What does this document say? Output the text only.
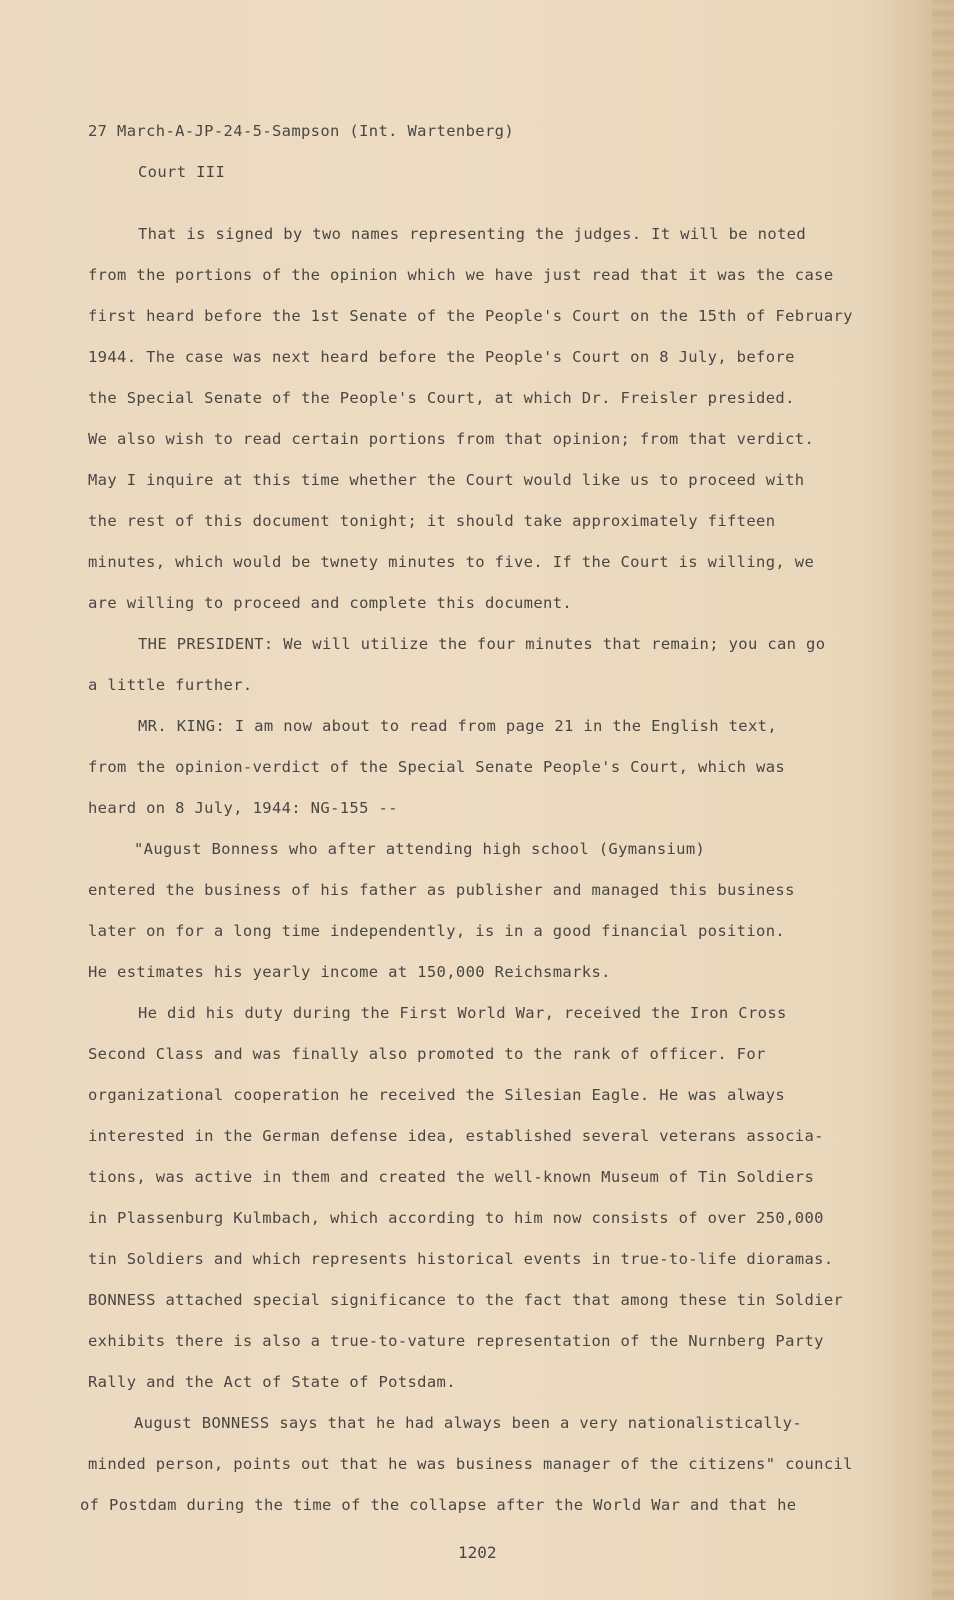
27 March-A-JP-24-5-Sampson (Int. Wartenberg)

Court III

That is signed by two names representing the judges. It will be noted

from the portions of the opinion which we have just read that it was the case

first heard before the 1st Senate of the People's Court on the 15th of February

1944. The case was next heard before the People's Court on 8 July, before

the Special Senate of the People's Court, at which Dr. Freisler presided.

We also wish to read certain portions from that opinion; from that verdict.

May I inquire at this time whether the Court would like us to proceed with

the rest of this document tonight; it should take approximately fifteen

minutes, which would be twnety minutes to five. If the Court is willing, we

are willing to proceed and complete this document.

THE PRESIDENT: We will utilize the four minutes that remain; you can go

a little further.

MR. KING: I am now about to read from page 21 in the English text,

from the opinion-verdict of the Special Senate People's Court, which was

heard on 8 July, 1944: NG-155 --

"August Bonness who after attending high school (Gymansium)

entered the business of his father as publisher and managed this business

later on for a long time independently, is in a good financial position.

He estimates his yearly income at 150,000 Reichsmarks.

He did his duty during the First World War, received the Iron Cross

Second Class and was finally also promoted to the rank of officer. For

organizational cooperation he received the Silesian Eagle. He was always

interested in the German defense idea, established several veterans associa-

tions, was active in them and created the well-known Museum of Tin Soldiers

in Plassenburg Kulmbach, which according to him now consists of over 250,000

tin Soldiers and which represents historical events in true-to-life dioramas.

BONNESS attached special significance to the fact that among these tin Soldier

exhibits there is also a true-to-vature representation of the Nurnberg Party

Rally and the Act of State of Potsdam.

August BONNESS says that he had always been a very nationalistically-

minded person, points out that he was business manager of the citizens" council

of Postdam during the time of the collapse after the World War and that he

1202
